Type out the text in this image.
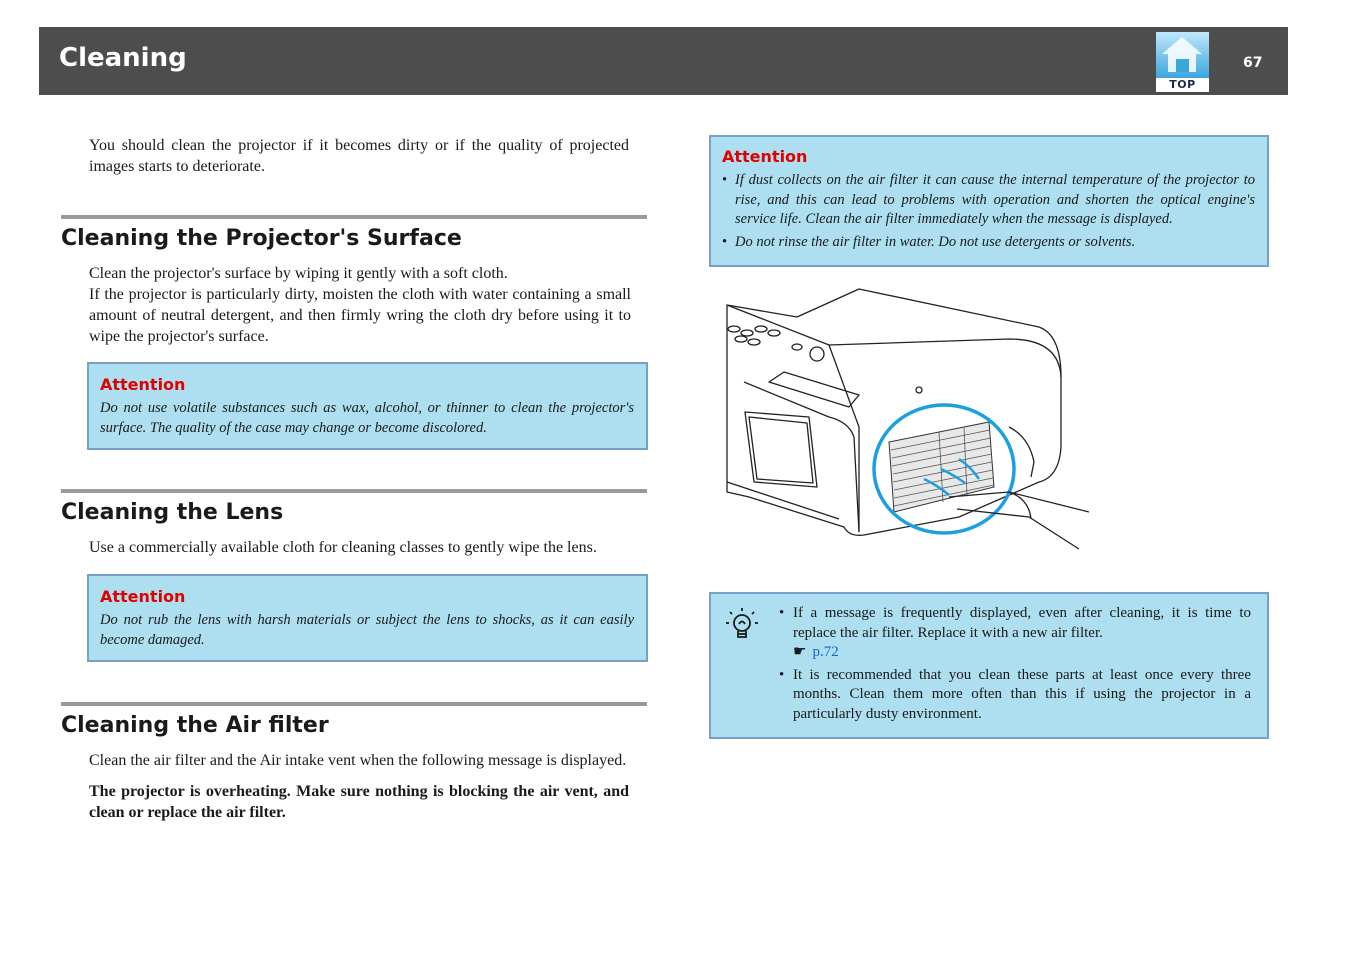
Cleaning
TOP
67

You should clean the projector if it becomes dirty or if the quality of projected images starts to deteriorate.

Cleaning the Projector's Surface
Clean the projector's surface by wiping it gently with a soft cloth.
If the projector is particularly dirty, moisten the cloth with water containing a small amount of neutral detergent, and then firmly wring the cloth dry before using it to wipe the projector's surface.
Attention
Do not use volatile substances such as wax, alcohol, or thinner to clean the projector's surface. The quality of the case may change or become discolored.
Cleaning the Lens
Use a commercially available cloth for cleaning classes to gently wipe the lens.
Attention
Do not rub the lens with harsh materials or subject the lens to shocks, as it can easily become damaged.
Cleaning the Air filter
Clean the air filter and the Air intake vent when the following message is displayed.
The projector is overheating. Make sure nothing is blocking the air vent, and clean or replace the air filter.
Attention
• If dust collects on the air filter it can cause the internal temperature of the projector to rise, and this can lead to problems with operation and shorten the optical engine's service life. Clean the air filter immediately when the message is displayed.
• Do not rinse the air filter in water. Do not use detergents or solvents.
• If a message is frequently displayed, even after cleaning, it is time to replace the air filter. Replace it with a new air filter.
☛ p.72
• It is recommended that you clean these parts at least once every three months. Clean them more often than this if using the projector in a particularly dusty environment.
